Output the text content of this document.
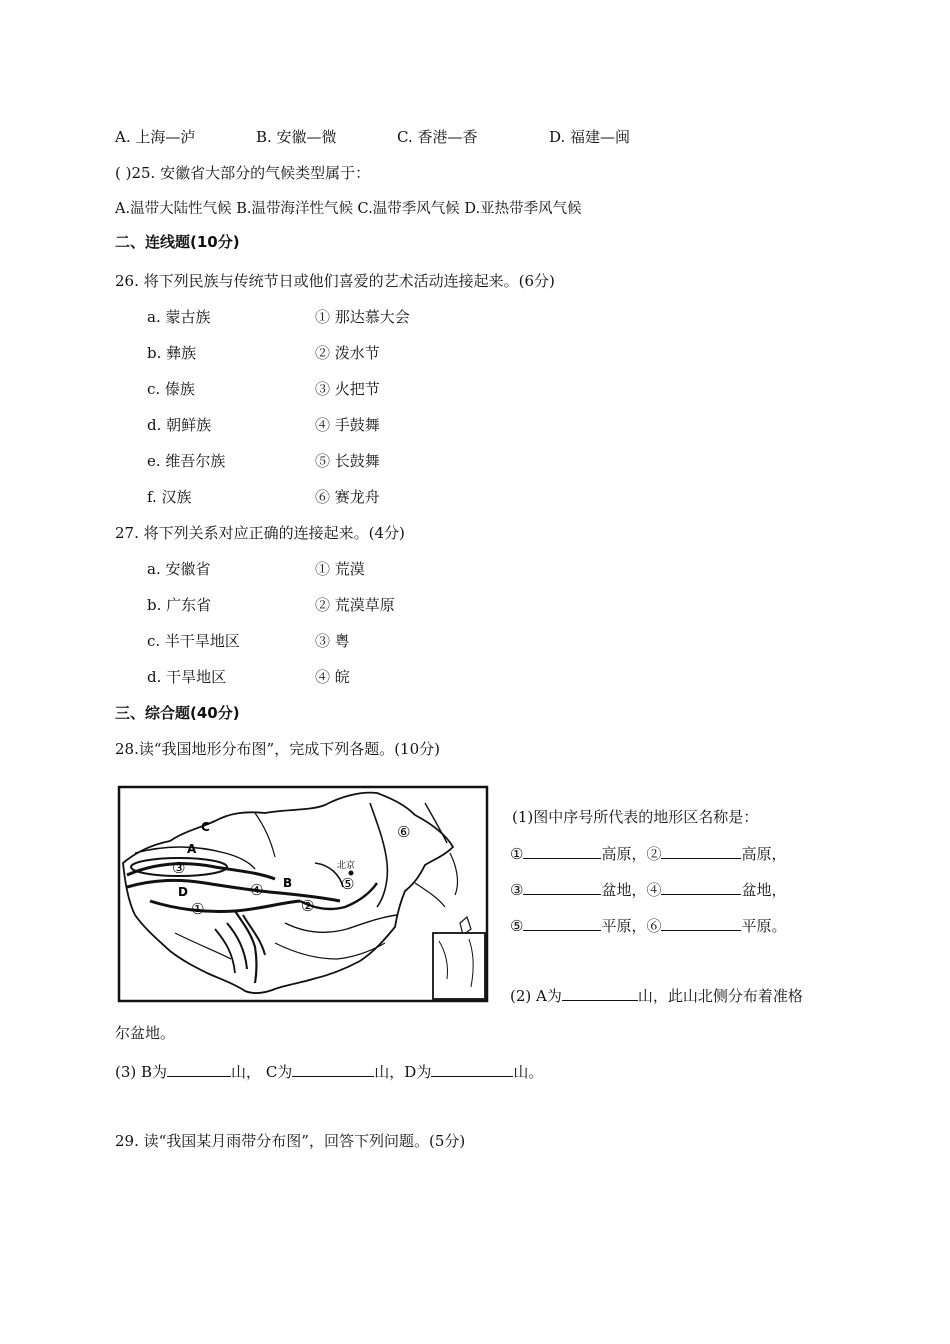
A. 上海—泸	B. 安徽—微	C. 香港—香	D. 福建—闽
( )25. 安徽省大部分的气候类型属于：
A.温带大陆性气候 B.温带海洋性气候 C.温带季风气候 D.亚热带季风气候
二、连线题(10分)
26. 将下列民族与传统节日或他们喜爱的艺术活动连接起来。(6分)
a. 蒙古族	① 那达慕大会
b. 彝族	② 泼水节
c. 傣族	③ 火把节
d. 朝鲜族	④ 手鼓舞
e. 维吾尔族	⑤ 长鼓舞
f. 汉族	⑥ 赛龙舟
27. 将下列关系对应正确的连接起来。(4分)
a. 安徽省	① 荒漠
b. 广东省	② 荒漠草原
c. 半干旱地区	③ 粤
d. 干旱地区	④ 皖
三、综合题(40分)
28.读“我国地形分布图”，完成下列各题。(10分)
C
A
③
D
①
④ B
②
⑤
⑥
北京
(1)图中序号所代表的地形区名称是：
①	高原，②	高原，
③	盆地，④	盆地，
⑤	平原，⑥	平原。
(2) A为	山，此山北侧分布着准格
尔盆地。
(3) B为	山， C为	山，D为	山。
29. 读“我国某月雨带分布图”，回答下列问题。(5分)
